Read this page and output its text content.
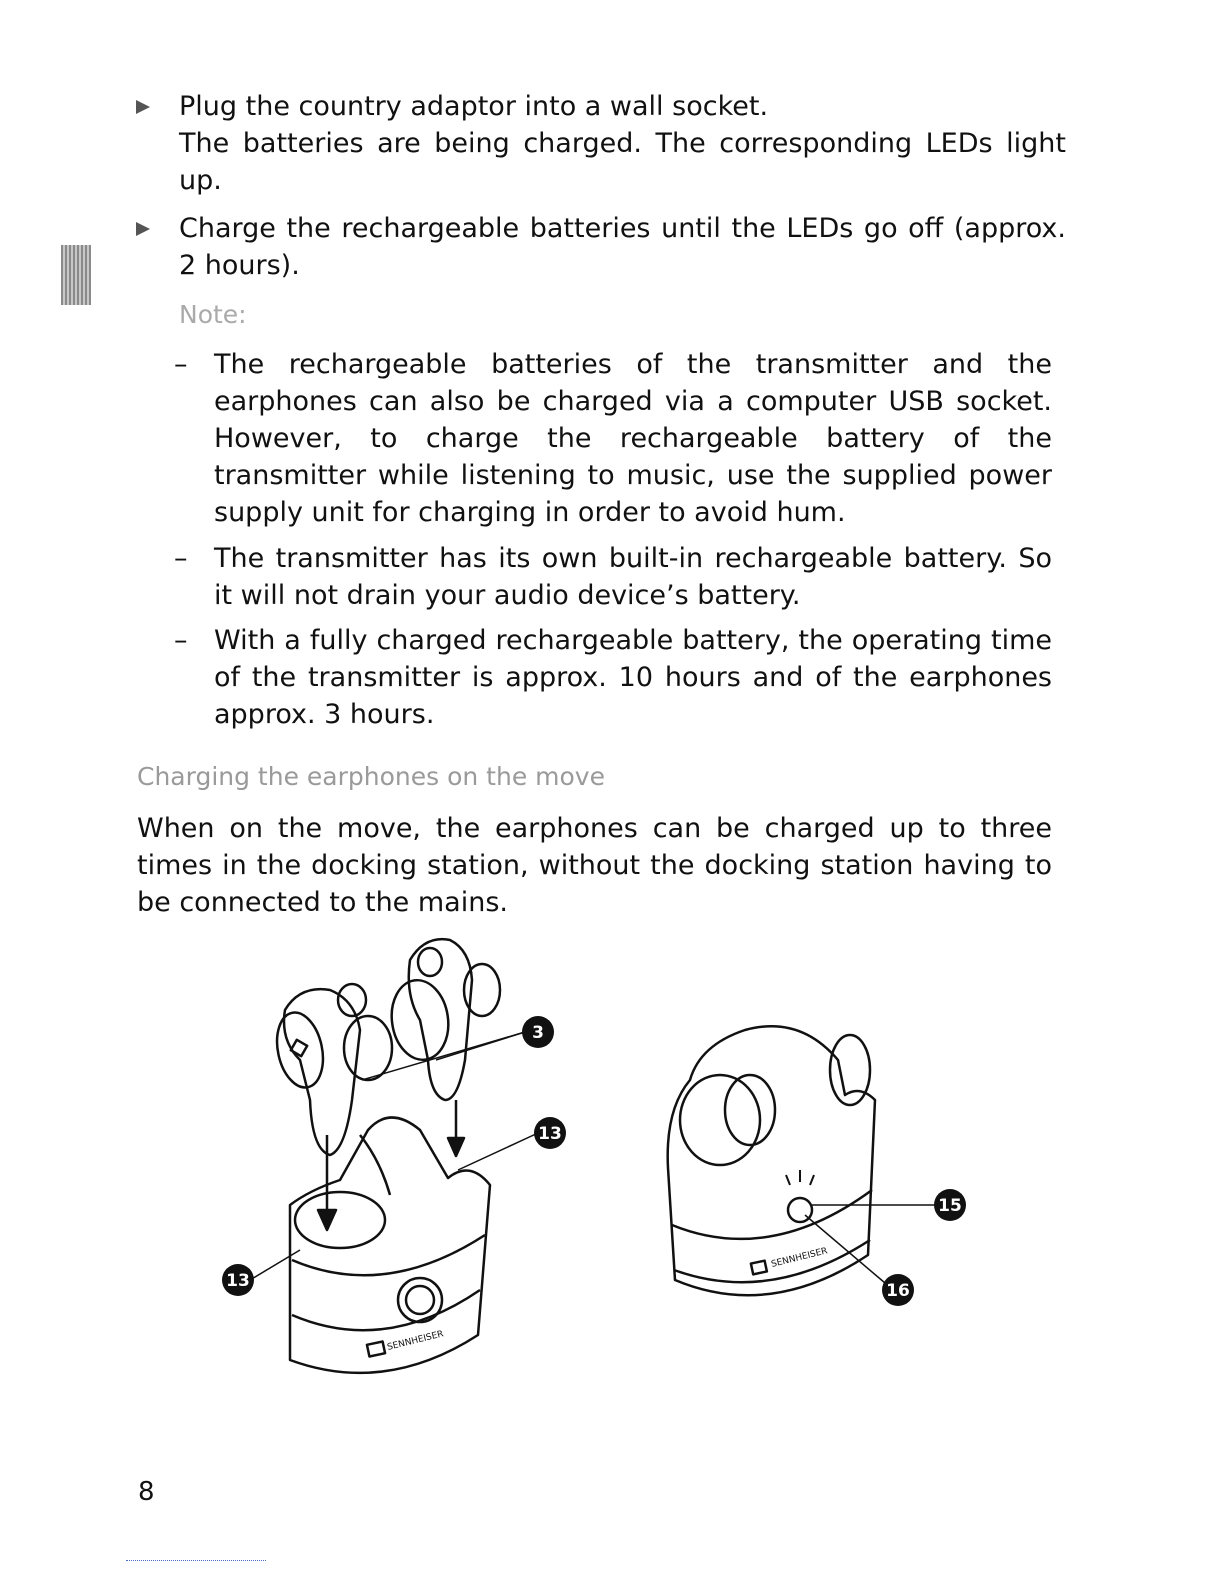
Plug the country adaptor into a wall socket.
The batteries are being charged. The corresponding LEDs light up.
Charge the rechargeable batteries until the LEDs go off (approx. 2 hours).
Note:
– The rechargeable batteries of the transmitter and the earphones can also be charged via a computer USB socket. However, to charge the rechargeable battery of the transmitter while listening to music, use the supplied power supply unit for charging in order to avoid hum.
– The transmitter has its own built-in rechargeable battery. So it will not drain your audio device’s battery.
– With a fully charged rechargeable battery, the operating time of the transmitter is approx. 10 hours and of the earphones approx. 3 hours.
Charging the earphones on the move
When on the move, the earphones can be charged up to three times in the docking station, without the docking station having to be connected to the mains.
3
13
13
15
16
SENNHEISER
SENNHEISER
8
